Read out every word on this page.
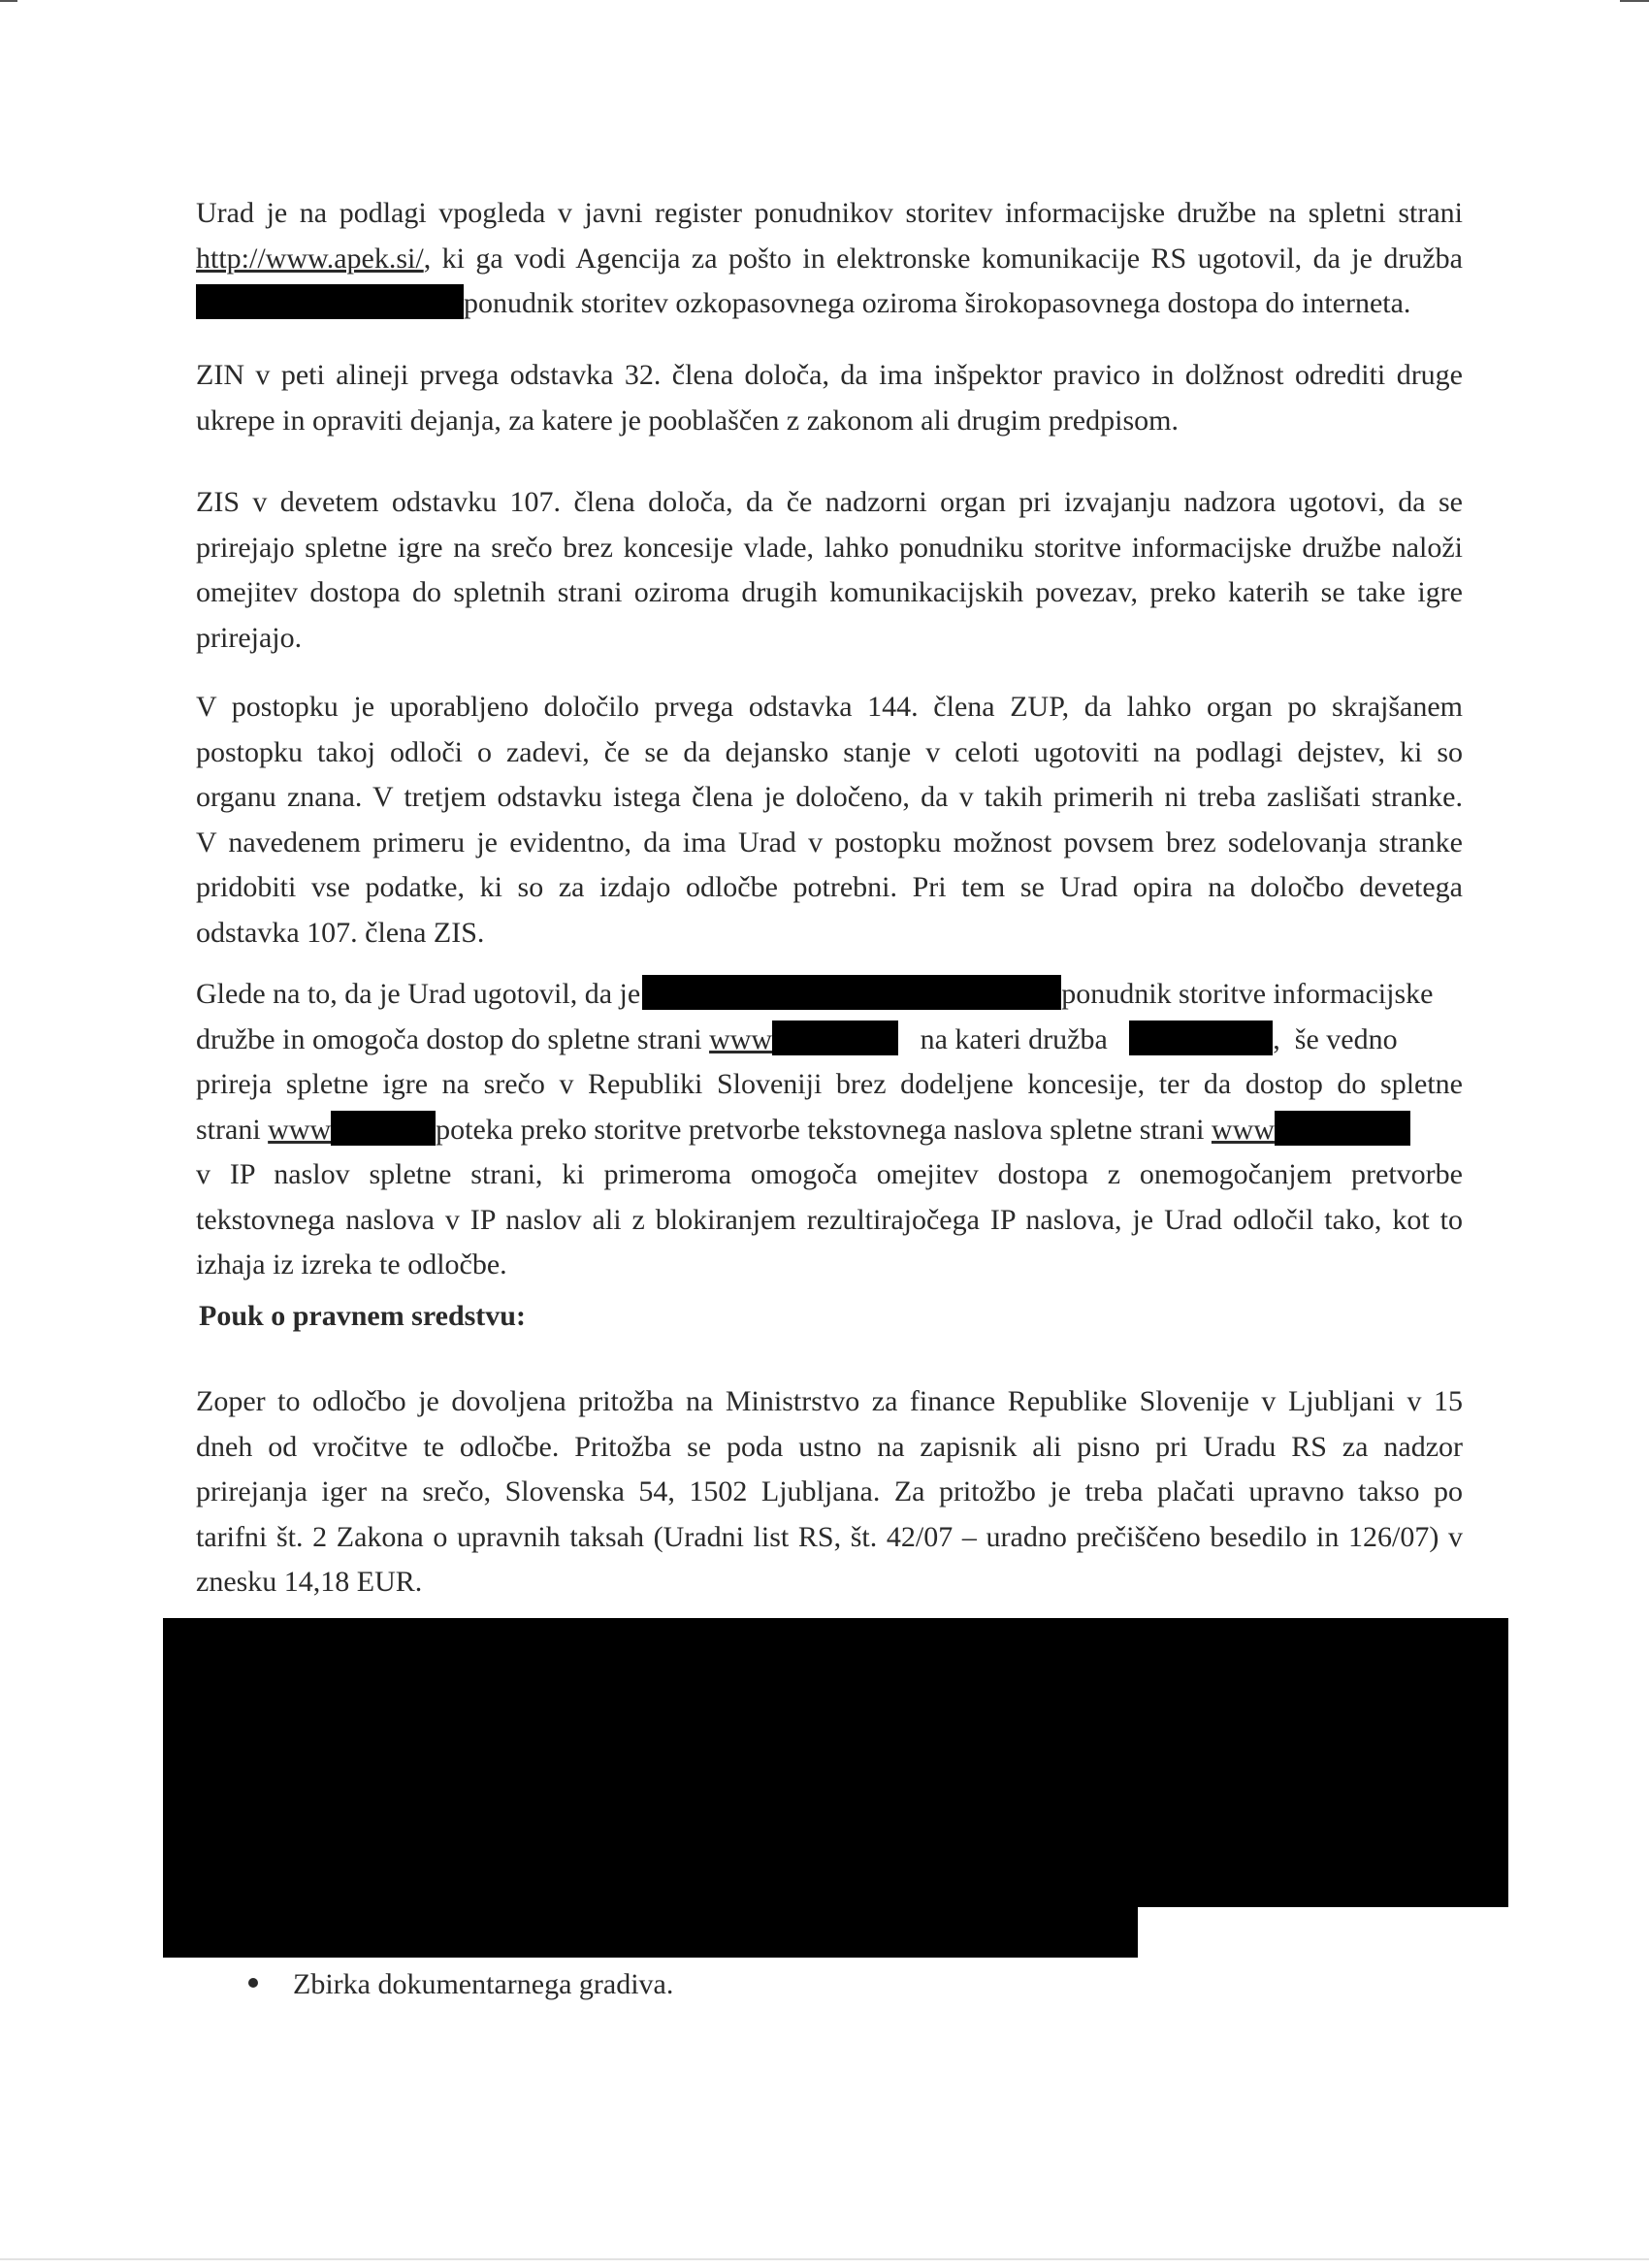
Urad je na podlagi vpogleda v javni register ponudnikov storitev informacijske družbe na spletni strani
http://www.apek.si/, ki ga vodi Agencija za pošto in elektronske komunikacije RS ugotovil, da je družba
ponudnik storitev ozkopasovnega oziroma širokopasovnega dostopa do interneta.
ZIN v peti alineji prvega odstavka 32. člena določa, da ima inšpektor pravico in dolžnost odrediti druge
ukrepe in opraviti dejanja, za katere je pooblaščen z zakonom ali drugim predpisom.
ZIS v devetem odstavku 107. člena določa, da če nadzorni organ pri izvajanju nadzora ugotovi, da se
prirejajo spletne igre na srečo brez koncesije vlade, lahko ponudniku storitve informacijske družbe naloži
omejitev dostopa do spletnih strani oziroma drugih komunikacijskih povezav, preko katerih se take igre
prirejajo.
V postopku je uporabljeno določilo prvega odstavka 144. člena ZUP, da lahko organ po skrajšanem
postopku takoj odloči o zadevi, če se da dejansko stanje v celoti ugotoviti na podlagi dejstev, ki so
organu znana. V tretjem odstavku istega člena je določeno, da v takih primerih ni treba zaslišati stranke.
V navedenem primeru je evidentno, da ima Urad v postopku možnost povsem brez sodelovanja stranke
pridobiti vse podatke, ki so za izdajo odločbe potrebni. Pri tem se Urad opira na določbo devetega
odstavka 107. člena ZIS.
Glede na to, da je Urad ugotovil, da je	ponudnik storitve informacijske
družbe in omogoča dostop do spletne strani www	na kateri družba	,  še vedno
prireja spletne igre na srečo v Republiki Sloveniji brez dodeljene koncesije, ter da dostop do spletne
strani www	poteka preko storitve pretvorbe tekstovnega naslova spletne strani www
v IP naslov spletne strani, ki primeroma omogoča omejitev dostopa z onemogočanjem pretvorbe
tekstovnega naslova v IP naslov ali z blokiranjem rezultirajočega IP naslova, je Urad odločil tako, kot to
izhaja iz izreka te odločbe.
Pouk o pravnem sredstvu:
Zoper to odločbo je dovoljena pritožba na Ministrstvo za finance Republike Slovenije v Ljubljani v 15
dneh od vročitve te odločbe. Pritožba se poda ustno na zapisnik ali pisno pri Uradu RS za nadzor
prirejanja iger na srečo, Slovenska 54, 1502 Ljubljana. Za pritožbo je treba plačati upravno takso po
tarifni št. 2 Zakona o upravnih taksah (Uradni list RS, št. 42/07 – uradno prečiščeno besedilo in 126/07) v
znesku 14,18 EUR.
Zbirka dokumentarnega gradiva.
